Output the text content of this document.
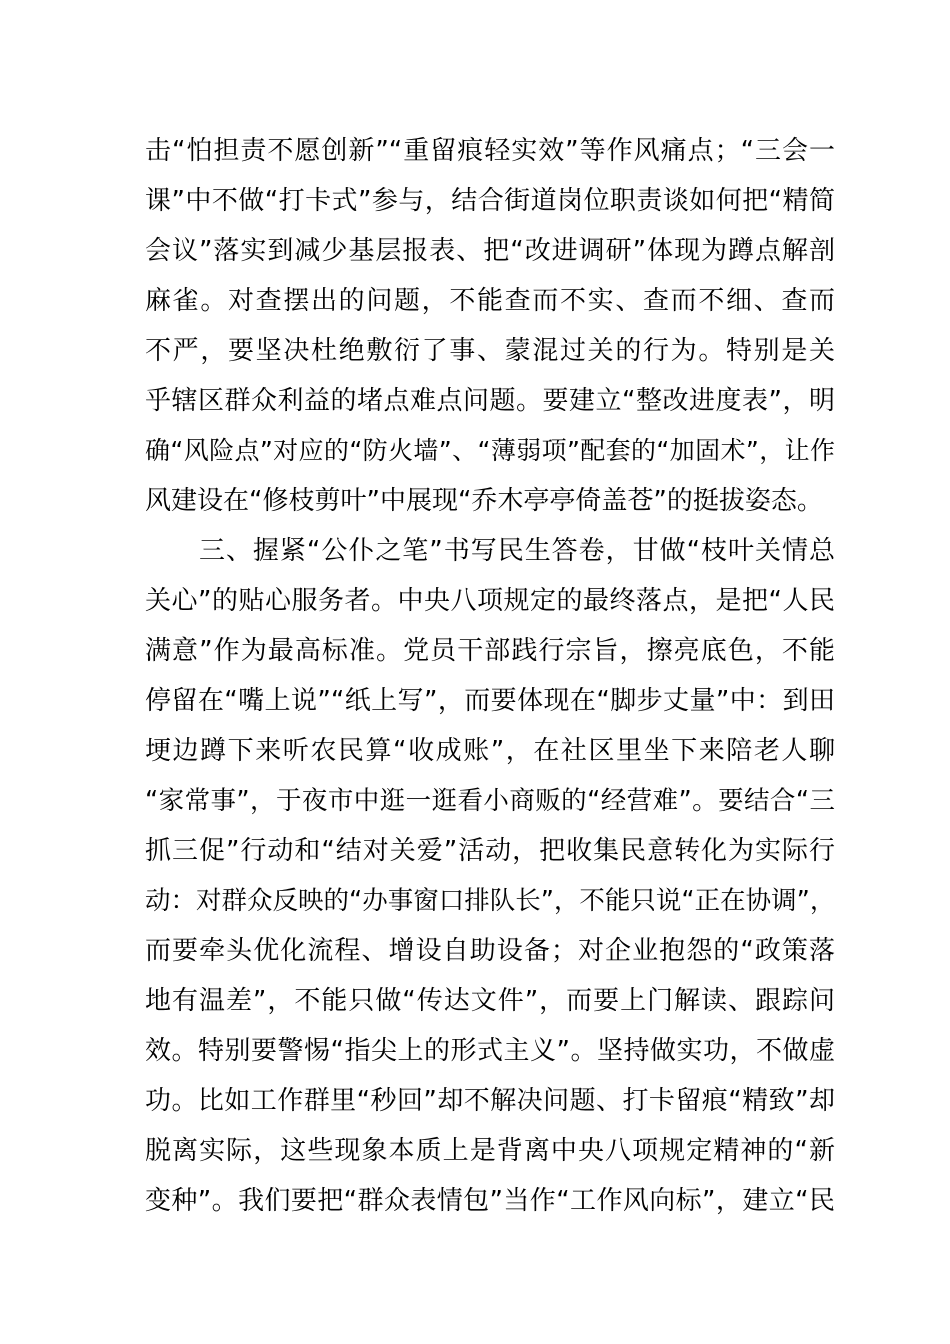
击“怕担责不愿创新”“重留痕轻实效”等作风痛点；“三会一
课”中不做“打卡式”参与，结合街道岗位职责谈如何把“精简
会议”落实到减少基层报表、把“改进调研”体现为蹲点解剖
麻雀。对查摆出的问题，不能查而不实、查而不细、查而
不严，要坚决杜绝敷衍了事、蒙混过关的行为。特别是关
乎辖区群众利益的堵点难点问题。要建立“整改进度表”，明
确“风险点”对应的“防火墙”、“薄弱项”配套的“加固术”，让作
风建设在“修枝剪叶”中展现“乔木亭亭倚盖苍”的挺拔姿态。
　　三、握紧“公仆之笔”书写民生答卷，甘做“枝叶关情总
关心”的贴心服务者。中央八项规定的最终落点，是把“人民
满意”作为最高标准。党员干部践行宗旨，擦亮底色，不能
停留在“嘴上说”“纸上写”，而要体现在“脚步丈量”中：到田
埂边蹲下来听农民算“收成账”，在社区里坐下来陪老人聊
“家常事”，于夜市中逛一逛看小商贩的“经营难”。要结合“三
抓三促”行动和“结对关爱”活动，把收集民意转化为实际行
动：对群众反映的“办事窗口排队长”，不能只说“正在协调”，
而要牵头优化流程、增设自助设备；对企业抱怨的“政策落
地有温差”，不能只做“传达文件”，而要上门解读、跟踪问
效。特别要警惕“指尖上的形式主义”。坚持做实功，不做虚
功。比如工作群里“秒回”却不解决问题、打卡留痕“精致”却
脱离实际，这些现象本质上是背离中央八项规定精神的“新
变种”。我们要把“群众表情包”当作“工作风向标”，建立“民
